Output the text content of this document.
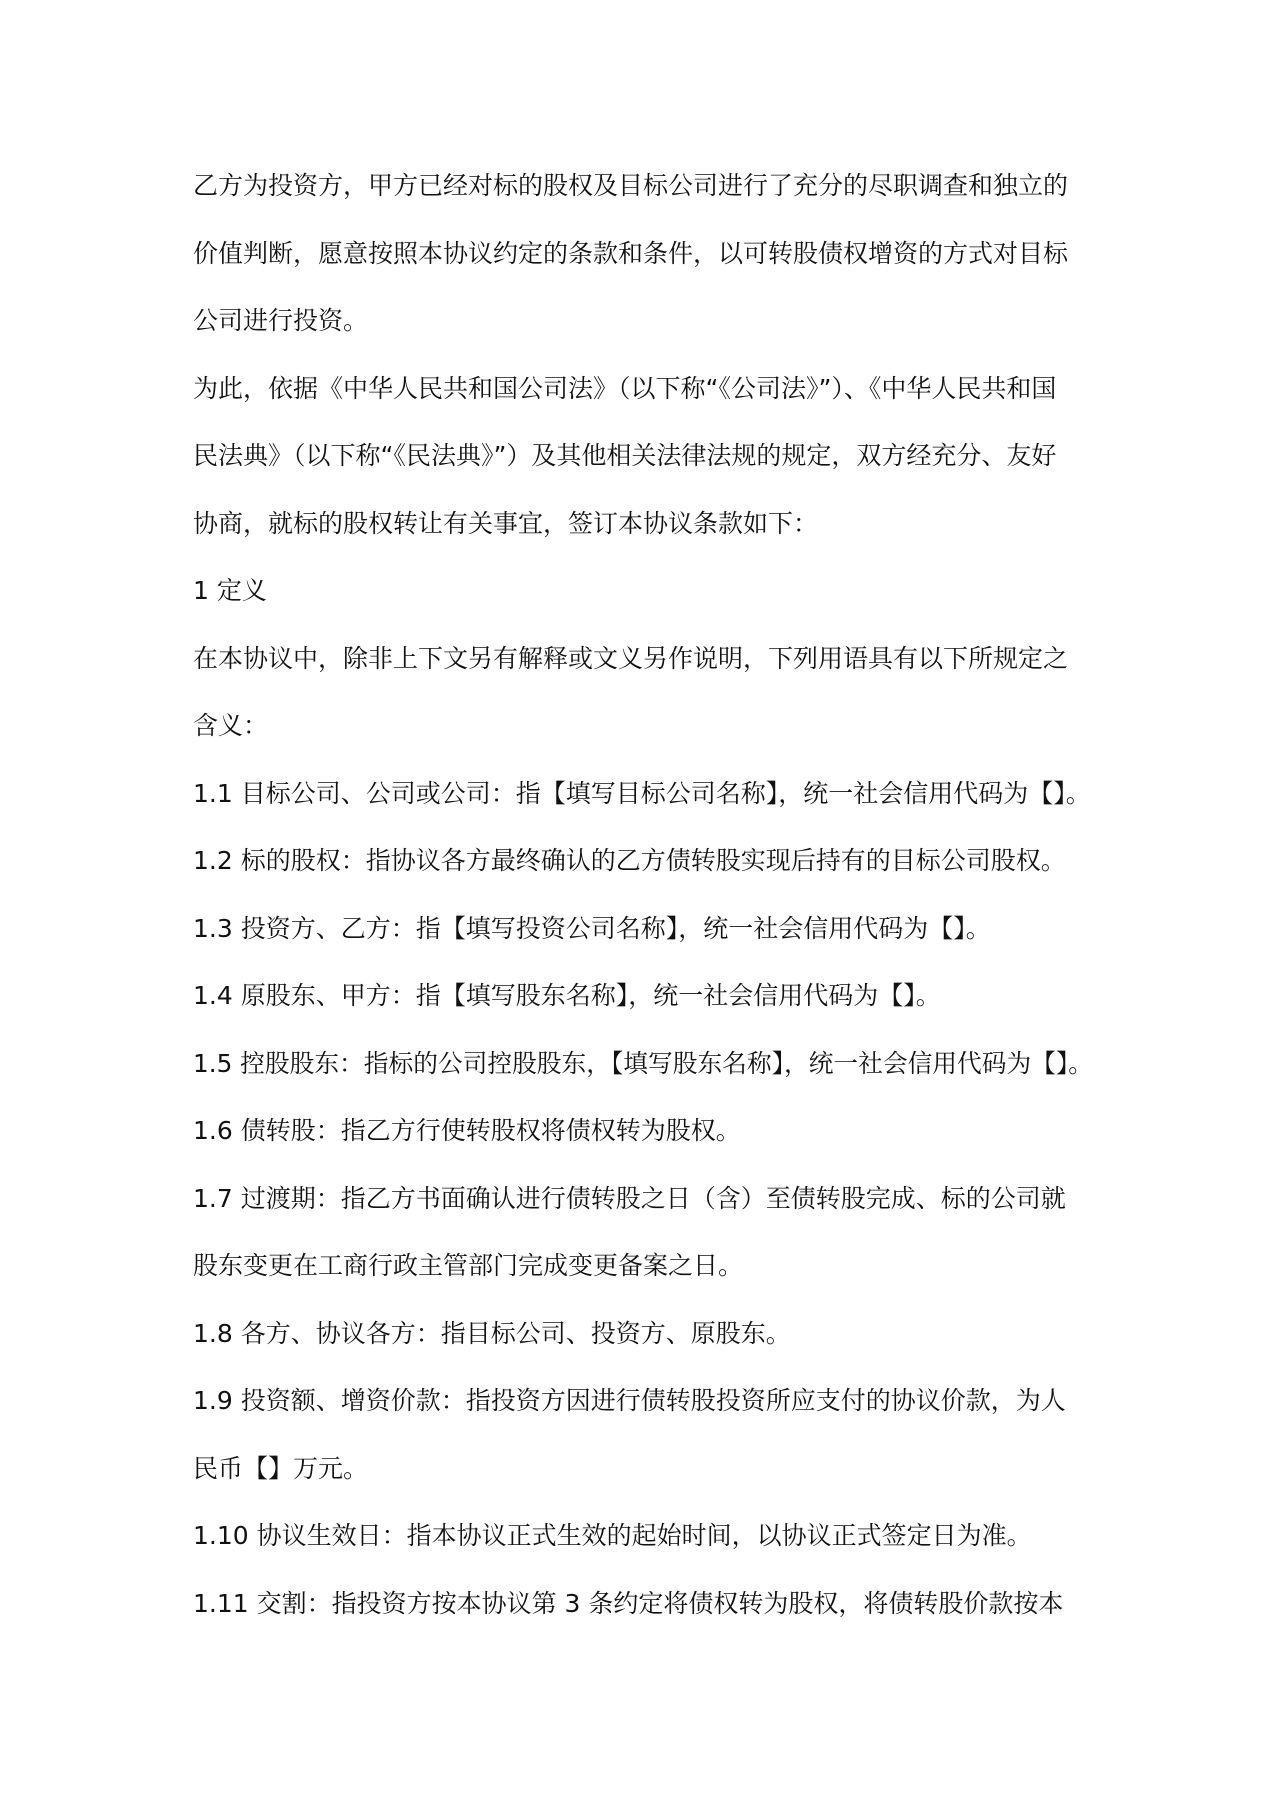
乙方为投资方，甲方已经对标的股权及目标公司进行了充分的尽职调查和独立的
价值判断，愿意按照本协议约定的条款和条件，以可转股债权增资的方式对目标
公司进行投资。
为此，依据《中华人民共和国公司法》（以下称“《公司法》”）、《中华人民共和国
民法典》（以下称“《民法典》”）及其他相关法律法规的规定，双方经充分、友好
协商，就标的股权转让有关事宜，签订本协议条款如下：
1 定义
在本协议中，除非上下文另有解释或文义另作说明，下列用语具有以下所规定之
含义：
1.1 目标公司、公司或公司：指【填写目标公司名称】，统一社会信用代码为【】。
1.2 标的股权：指协议各方最终确认的乙方债转股实现后持有的目标公司股权。
1.3 投资方、乙方：指【填写投资公司名称】，统一社会信用代码为【】。
1.4 原股东、甲方：指【填写股东名称】，统一社会信用代码为【】。
1.5 控股股东：指标的公司控股股东，【填写股东名称】，统一社会信用代码为【】。
1.6 债转股：指乙方行使转股权将债权转为股权。
1.7 过渡期：指乙方书面确认进行债转股之日（含）至债转股完成、标的公司就
股东变更在工商行政主管部门完成变更备案之日。
1.8 各方、协议各方：指目标公司、投资方、原股东。
1.9 投资额、增资价款：指投资方因进行债转股投资所应支付的协议价款，为人
民币【】万元。
1.10 协议生效日：指本协议正式生效的起始时间，以协议正式签定日为准。
1.11 交割：指投资方按本协议第 3 条约定将债权转为股权，将债转股价款按本
